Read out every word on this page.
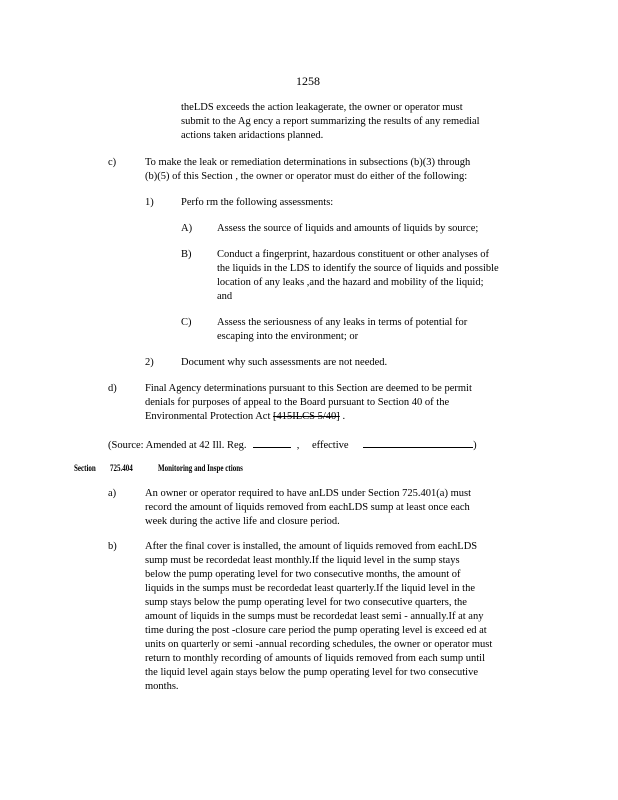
1258
theLDS exceeds the action leakagerate, the owner or operator must
submit to the Ag ency a report summarizing the results of any remedial
actions taken aridactions planned.
c)	To make the leak or remediation determinations in subsections (b)(3) through
(b)(5) of this Section , the owner or operator must do either of the following:
1)	Perfo rm the following assessments:
A) Assess the source of liquids and amounts of liquids by source;
B) Conduct a fingerprint, hazardous constituent or other analyses of
the liquids in the LDS to identify the source of liquids and possible
location of any leaks ,and the hazard and mobility of the liquid;
and
C) Assess the seriousness of any leaks in terms of potential for
escaping into the environment; or
2)	Document why such assessments are not needed.
d)	Final Agency determinations pursuant to this Section are deemed to be permit
denials for purposes of appeal to the Board pursuant to Section 40 of the
Environmental Protection Act [415ILCS 5/40] .
(Source: Amended at 42 Ill. Reg.	, effective	)
Section 725.404	Monitoring and Inspe ctions
a)	An owner or operator required to have anLDS under Section 725.401(a) must
record the amount of liquids removed from eachLDS sump at least once each
week during the active life and closure period.
b)	After the final cover is installed, the amount of liquids removed from eachLDS
sump must be recordedat least monthly.If the liquid level in the sump stays
below the pump operating level for two consecutive months, the amount of
liquids in the sumps must be recordedat least quarterly.If the liquid level in the
sump stays below the pump operating level for two consecutive quarters, the
amount of liquids in the sumps must be recordedat least semi - annually.If at any
time during the post -closure care period the pump operating level is exceed ed at
units on quarterly or semi -annual recording schedules, the owner or operator must
return to monthly recording of amounts of liquids removed from each sump until
the liquid level again stays below the pump operating level for two consecutive
months.
